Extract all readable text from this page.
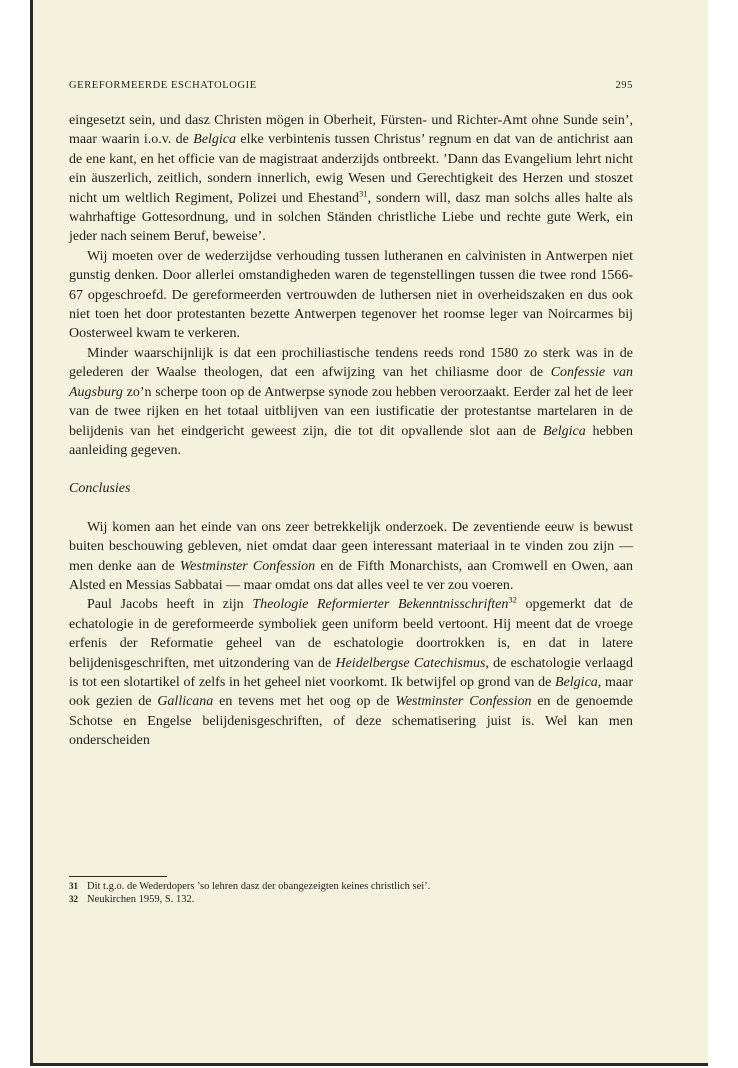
GEREFORMEERDE ESCHATOLOGIE	295

eingesetzt sein, und dasz Christen mögen in Oberheit, Fürsten- und Richter-Amt ohne Sunde sein’, maar waarin i.o.v. de Belgica elke verbintenis tussen Christus’ regnum en dat van de antichrist aan de ene kant, en het officie van de magistraat anderzijds ontbreekt. ’Dann das Evangelium lehrt nicht ein äuszerlich, zeitlich, sondern innerlich, ewig Wesen und Gerechtigkeit des Herzen und stoszet nicht um weltlich Regiment, Polizei und Ehestand$^{31}$, sondern will, dasz man solchs alles halte als wahrhaftige Gottesordnung, und in solchen Ständen christliche Liebe und rechte gute Werk, ein jeder nach seinem Beruf, beweise’.

Wij moeten over de wederzijdse verhouding tussen lutheranen en calvinisten in Antwerpen niet gunstig denken. Door allerlei omstandigheden waren de tegenstellingen tussen die twee rond 1566-67 opgeschroefd. De gereformeerden vertrouwden de luthersen niet in overheidszaken en dus ook niet toen het door protestanten bezette Antwerpen tegenover het roomse leger van Noircarmes bij Oosterweel kwam te verkeren.

Minder waarschijnlijk is dat een prochiliastische tendens reeds rond 1580 zo sterk was in de gelederen der Waalse theologen, dat een afwijzing van het chiliasme door de Confessie van Augsburg zo’n scherpe toon op de Antwerpse synode zou hebben veroorzaakt. Eerder zal het de leer van de twee rijken en het totaal uitblijven van een iustificatie der protestantse martelaren in de belijdenis van het eindgericht geweest zijn, die tot dit opvallende slot aan de Belgica hebben aanleiding gegeven.

Conclusies

Wij komen aan het einde van ons zeer betrekkelijk onderzoek. De zeventiende eeuw is bewust buiten beschouwing gebleven, niet omdat daar geen interessant materiaal in te vinden zou zijn — men denke aan de Westminster Confession en de Fifth Monarchists, aan Cromwell en Owen, aan Alsted en Messias Sabbatai — maar omdat ons dat alles veel te ver zou voeren.

Paul Jacobs heeft in zijn Theologie Reformierter Bekenntnisschriften$^{32}$ opgemerkt dat de echatologie in de gereformeerde symboliek geen uniform beeld vertoont. Hij meent dat de vroege erfenis der Reformatie geheel van de eschatologie doortrokken is, en dat in latere belijdenisgeschriften, met uitzondering van de Heidelbergse Catechismus, de eschatologie verlaagd is tot een slotartikel of zelfs in het geheel niet voorkomt. Ik betwijfel op grond van de Belgica, maar ook gezien de Gallicana en tevens met het oog op de Westminster Confession en de genoemde Schotse en Engelse belijdenisgeschriften, of deze schematisering juist is. Wel kan men onderscheiden

31 Dit t.g.o. de Wederdopers ’so lehren dasz der obangezeigten keines christlich sei’.
32 Neukirchen 1959, S. 132.
